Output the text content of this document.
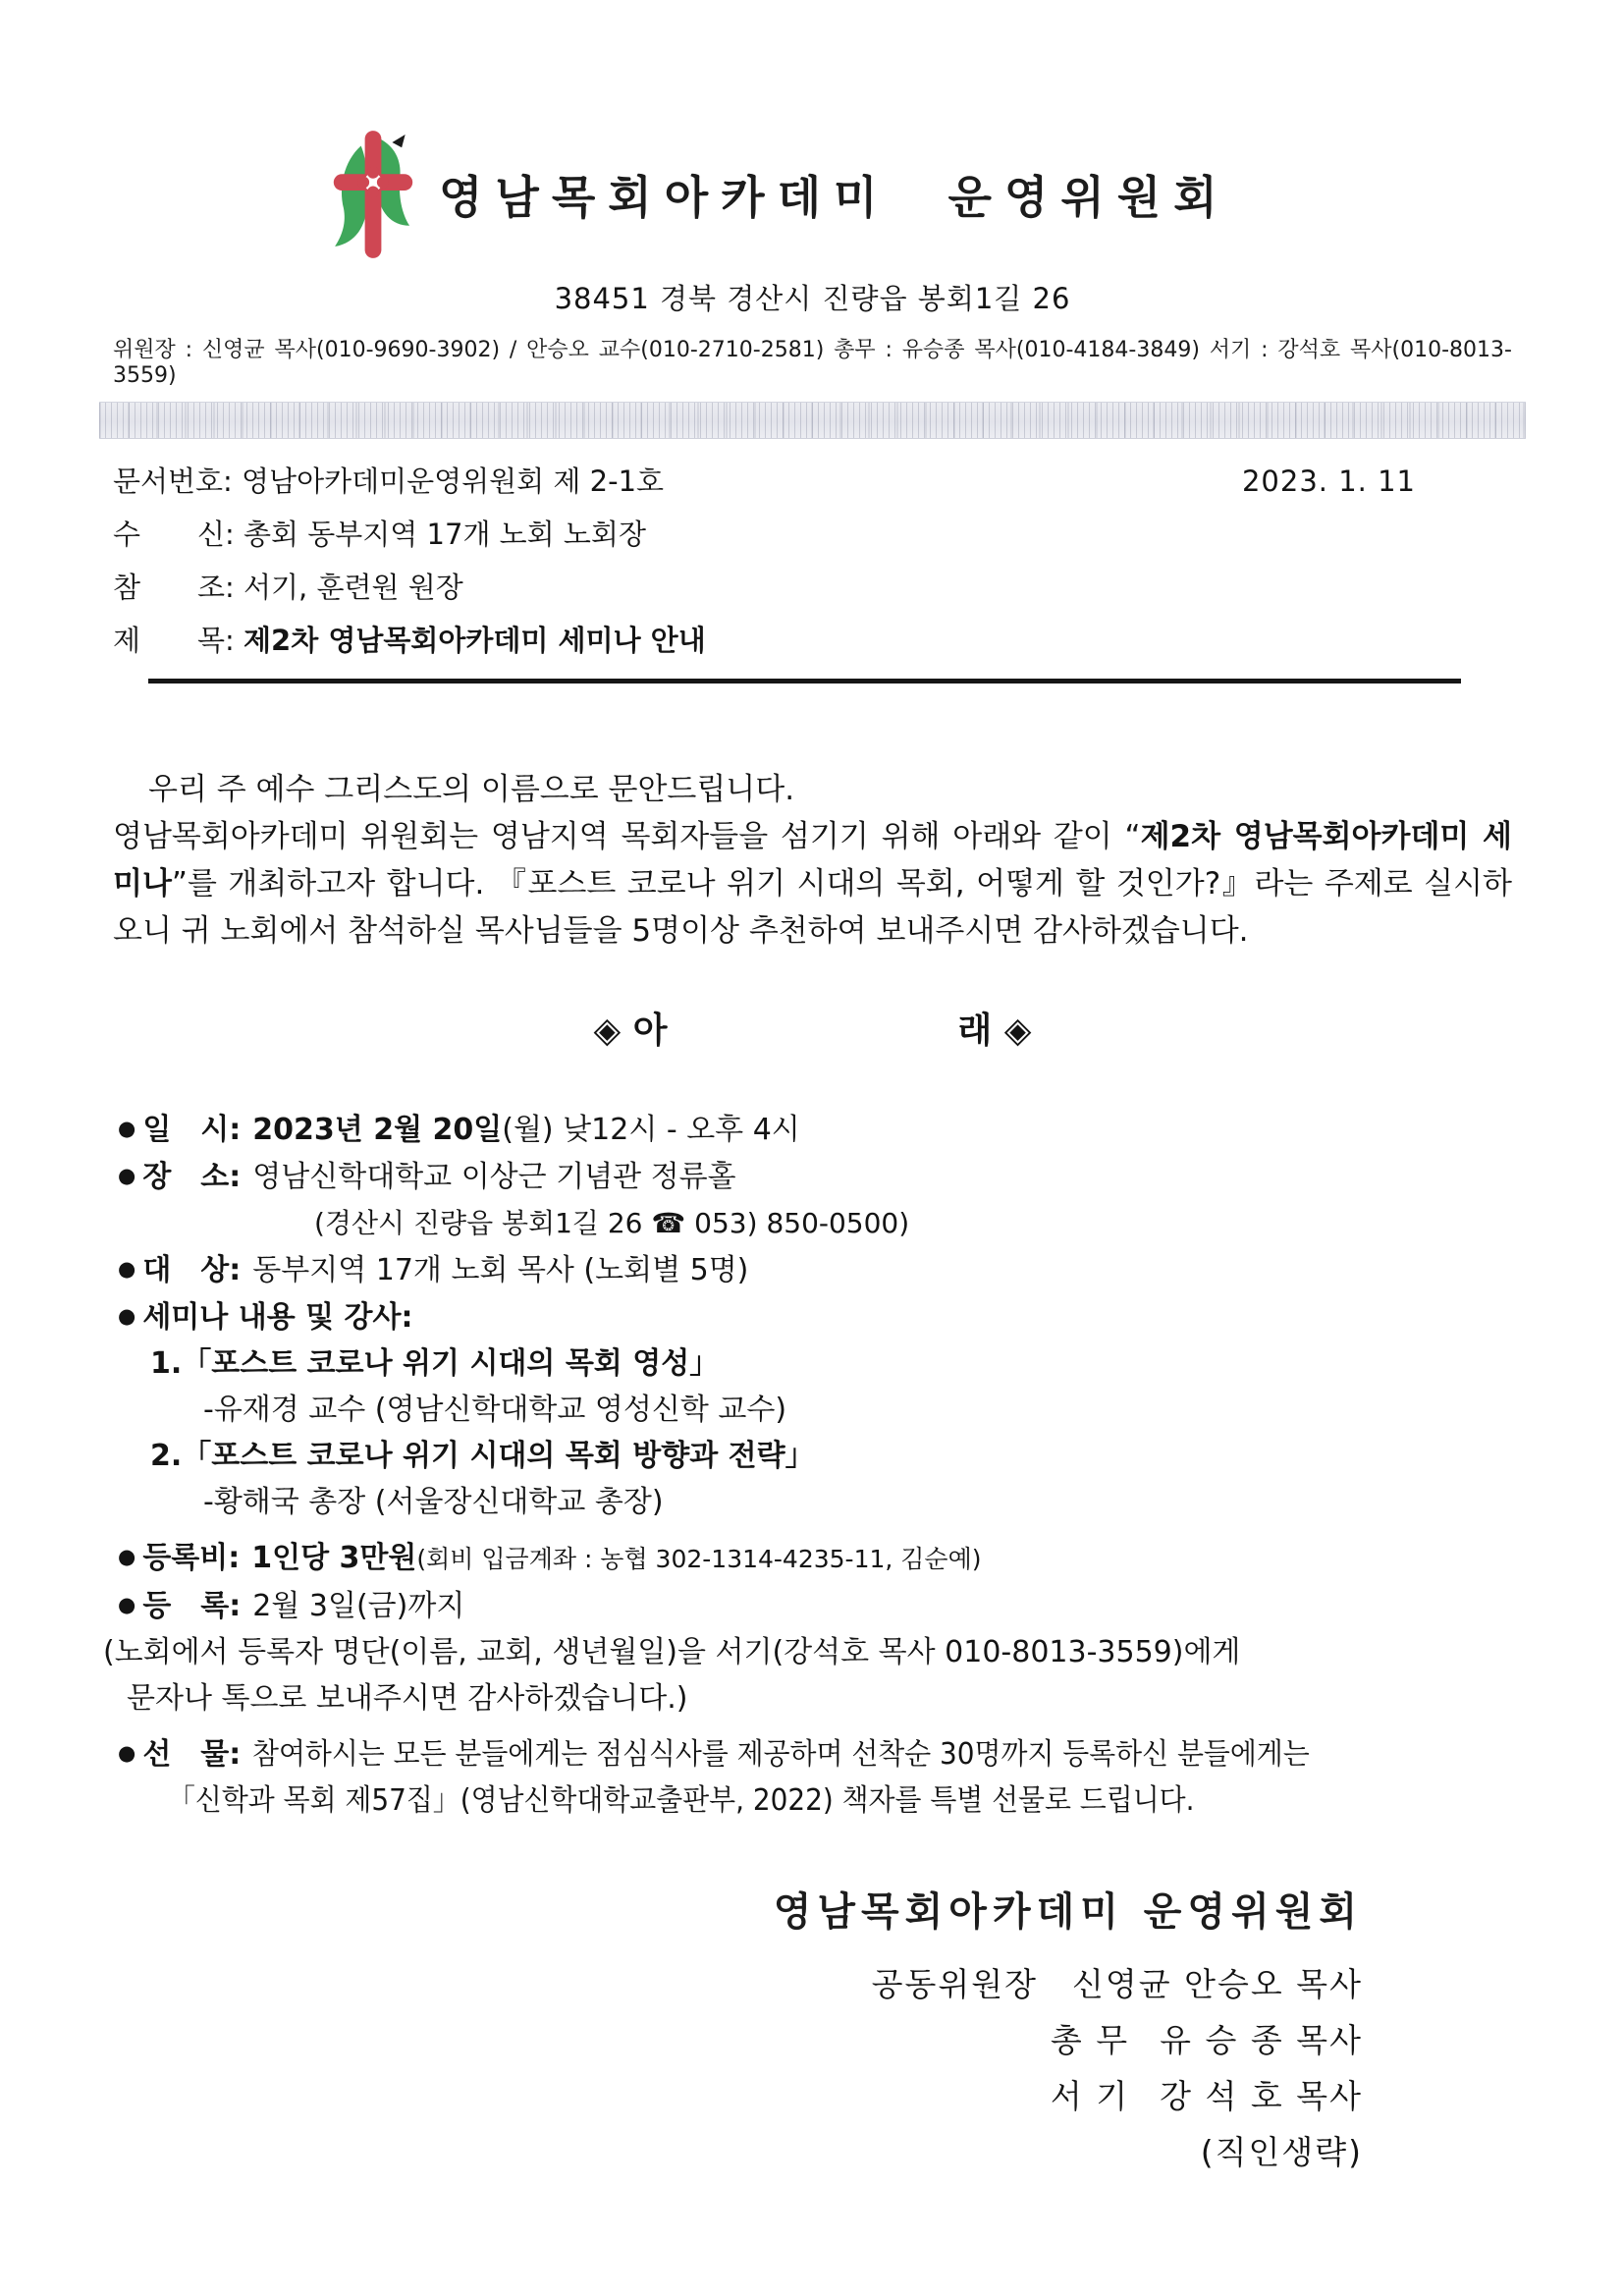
영남목회아카데미 운영위원회
38451 경북 경산시 진량읍 봉회1길 26
위원장 : 신영균 목사(010-9690-3902) / 안승오 교수(010-2710-2581) 총무 : 유승종 목사(010-4184-3849) 서기 : 강석호 목사(010-8013-3559)
문서번호: 영남아카데미운영위원회 제 2-1호	2023. 1. 11
수  신: 총회 동부지역 17개 노회 노회장
참  조: 서기, 훈련원 원장
제  목: 제2차 영남목회아카데미 세미나 안내

우리 주 예수 그리스도의 이름으로 문안드립니다.

영남목회아카데미 위원회는 영남지역 목회자들을 섬기기 위해 아래와 같이 “제2차 영남목회아카데미 세미나”를 개최하고자 합니다. 『포스트 코로나 위기 시대의 목회, 어떻게 할 것인가?』라는 주제로 실시하오니 귀 노회에서 참석하실 목사님들을 5명이상 추천하여 보내주시면 감사하겠습니다.

◈ 아	래 ◈
● 일 시: 2023년 2월 20일(월) 낮12시 - 오후 4시
● 장 소: 영남신학대학교 이상근 기념관 정류홀
(경산시 진량읍 봉회1길 26 ☎ 053) 850-0500)
● 대 상: 동부지역 17개 노회 목사 (노회별 5명)
● 세미나 내용 및 강사:
1.「포스트 코로나 위기 시대의 목회 영성」
-유재경 교수 (영남신학대학교 영성신학 교수)
2.「포스트 코로나 위기 시대의 목회 방향과 전략」
-황해국 총장 (서울장신대학교 총장)
● 등록비: 1인당 3만원(회비 입금계좌 : 농협 302-1314-4235-11, 김순예)
● 등 록: 2월 3일(금)까지
(노회에서 등록자 명단(이름, 교회, 생년월일)을 서기(강석호 목사 010-8013-3559)에게
문자나 톡으로 보내주시면 감사하겠습니다.)
● 선 물: 참여하시는 모든 분들에게는 점심식사를 제공하며 선착순 30명까지 등록하신 분들에게는
「신학과 목회 제57집」(영남신학대학교출판부, 2022) 책자를 특별 선물로 드립니다.
영남목회아카데미 운영위원회
공동위원장 신영균 안승오 목사
총 무  유 승 종 목사
서 기  강 석 호 목사
(직인생략)
